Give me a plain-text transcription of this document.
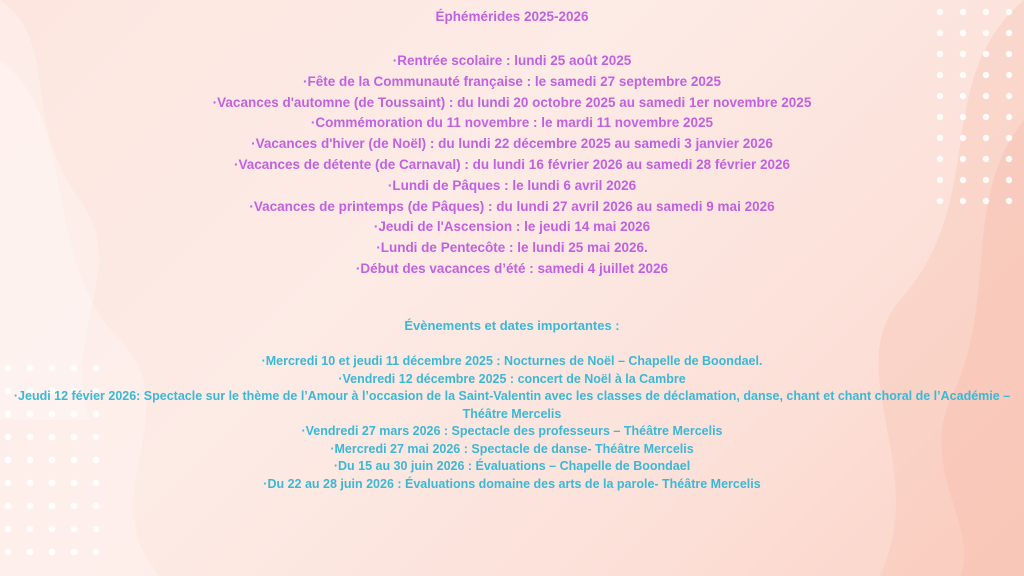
Éphémérides 2025-2026
·Rentrée scolaire : lundi 25 août 2025
·Fête de la Communauté française : le samedi 27 septembre 2025
·Vacances d'automne (de Toussaint) : du lundi 20 octobre 2025 au samedi 1er novembre 2025
·Commémoration du 11 novembre : le mardi 11 novembre 2025
·Vacances d'hiver (de Noël) : du lundi 22 décembre 2025 au samedi 3 janvier 2026
·Vacances de détente (de Carnaval) : du lundi 16 février 2026 au samedi 28 février 2026
·Lundi de Pâques : le lundi 6 avril 2026
·Vacances de printemps (de Pâques) : du lundi 27 avril 2026 au samedi 9 mai 2026
·Jeudi de l'Ascension : le jeudi 14 mai 2026
·Lundi de Pentecôte : le lundi 25 mai 2026.
·Début des vacances d’été : samedi 4 juillet 2026
Évènements et dates importantes :
·Mercredi 10 et jeudi 11 décembre 2025 : Nocturnes de Noël – Chapelle de Boondael.
·Vendredi 12 décembre 2025 : concert de Noël à la Cambre
·Jeudi 12 févier 2026: Spectacle sur le thème de l’Amour à l’occasion de la Saint-Valentin avec les classes de déclamation, danse, chant et chant choral de l’Académie – Théâtre Mercelis
·Vendredi 27 mars 2026 : Spectacle des professeurs – Théâtre Mercelis
·Mercredi 27 mai 2026 : Spectacle de danse- Théâtre Mercelis
·Du 15 au 30 juin 2026 : Évaluations – Chapelle de Boondael
·Du 22 au 28 juin 2026 : Évaluations domaine des arts de la parole- Théâtre Mercelis
